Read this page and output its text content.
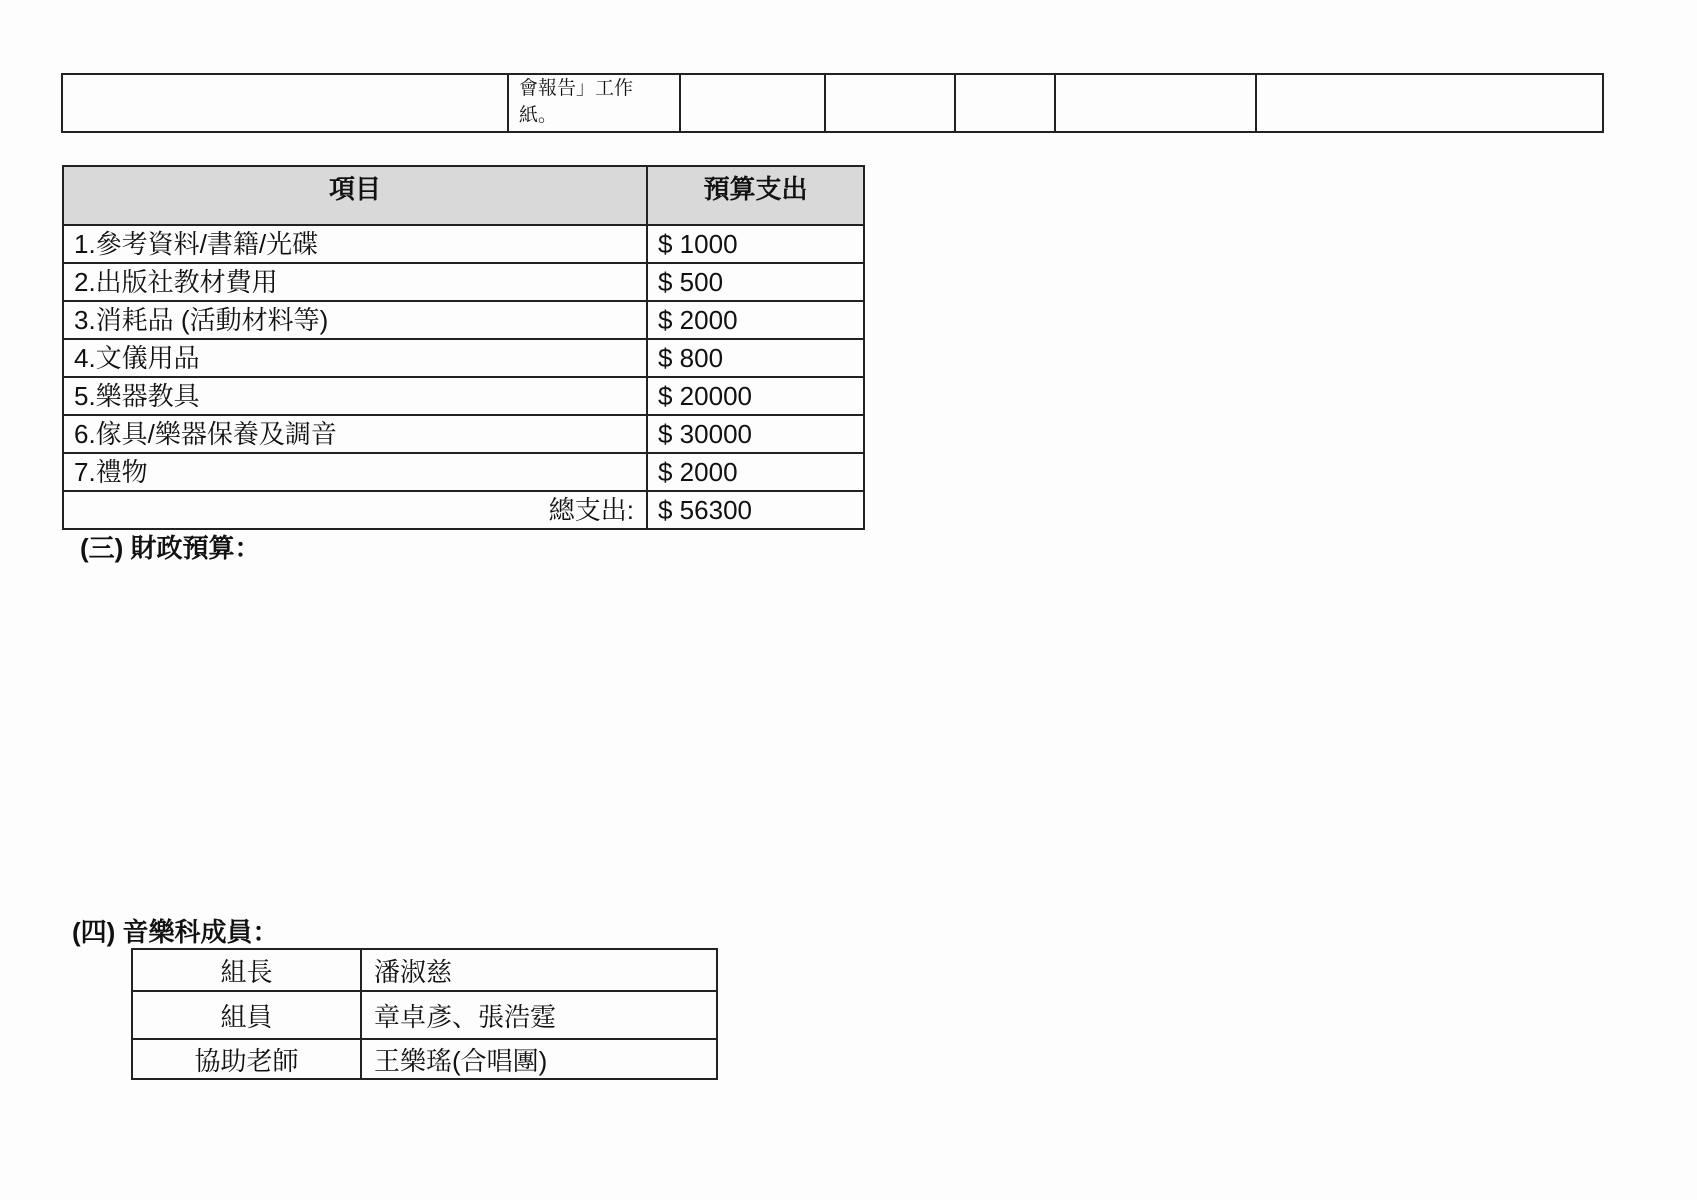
會報告」工作
紙。

項目	預算支出
1.參考資料/書籍/光碟	$ 1000
2.出版社教材費用	$ 500
3.消耗品 (活動材料等)	$ 2000
4.文儀用品	$ 800
5.樂器教具	$ 20000
6.傢具/樂器保養及調音	$ 30000
7.禮物	$ 2000
總支出:	$ 56300
(三) 財政預算：
(四) 音樂科成員：
組長	潘淑慈
組員	章卓彥、張浩霆
協助老師	王樂瑤(合唱團)
